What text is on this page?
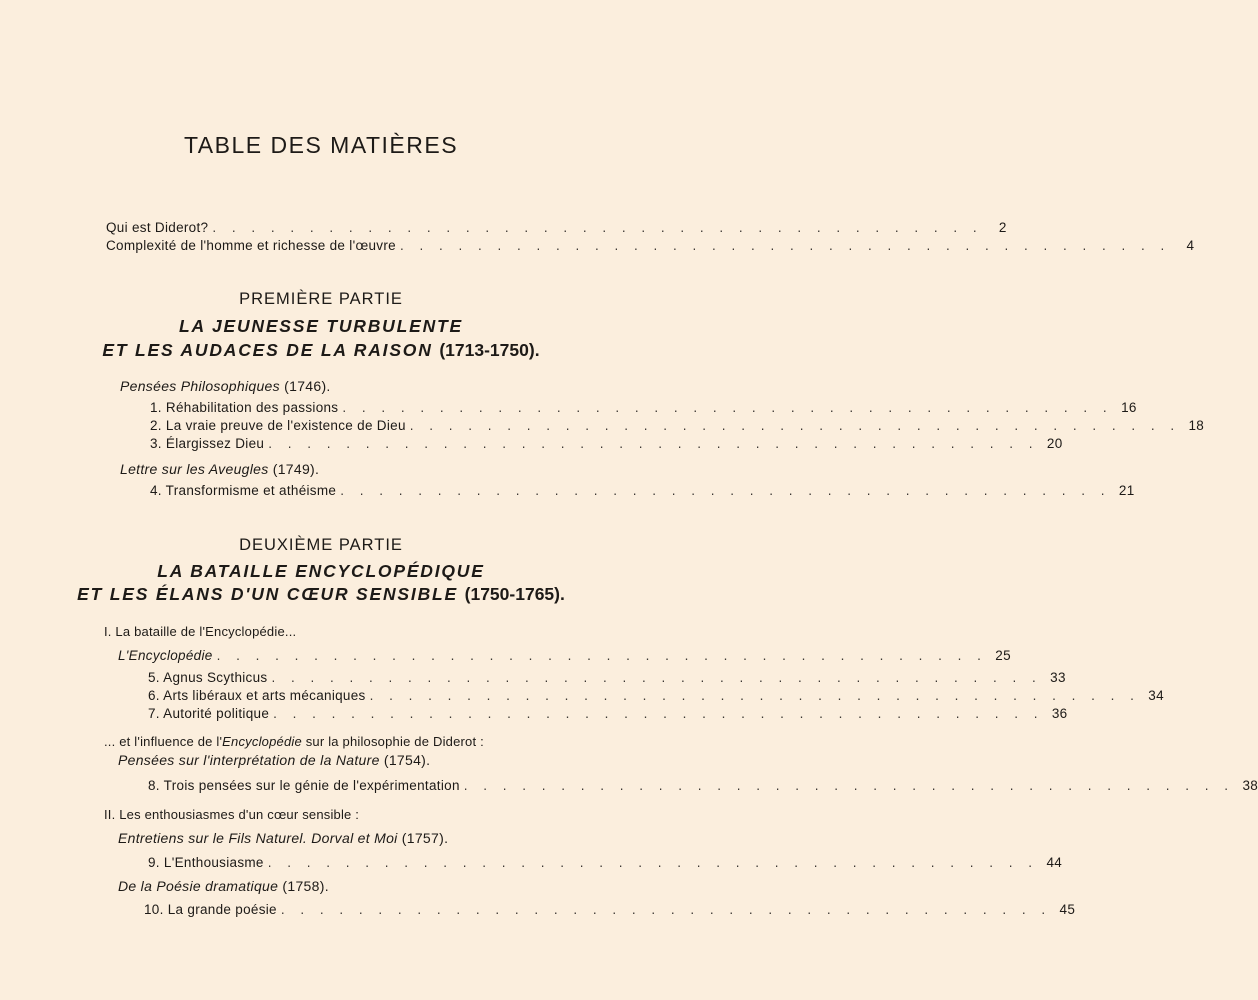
TABLE DES MATIÈRES
Qui est Diderot? . . . . . . . . . . . . . . . . . . . . . . . . . . . . . . . . . . . . . . . .	2
Complexité de l'homme et richesse de l'œuvre . . . . . . . . . . . . . . . . . . . . . . . . . . . . . . . . . . . . . . . .	4
PREMIÈRE PARTIE
LA JEUNESSE TURBULENTE
ET LES AUDACES DE LA RAISON (1713-1750).
Pensées Philosophiques (1746).
1. Réhabilitation des passions . . . . . . . . . . . . . . . . . . . . . . . . . . . . . . . . . . . . . . . . 16
2. La vraie preuve de l'existence de Dieu . . . . . . . . . . . . . . . . . . . . . . . . . . . . . . . . . . . . . . . . 18
3. Élargissez Dieu . . . . . . . . . . . . . . . . . . . . . . . . . . . . . . . . . . . . . . . . 20
Lettre sur les Aveugles (1749).
4. Transformisme et athéisme . . . . . . . . . . . . . . . . . . . . . . . . . . . . . . . . . . . . . . . . 21
DEUXIÈME PARTIE
LA BATAILLE ENCYCLOPÉDIQUE
ET LES ÉLANS D'UN CŒUR SENSIBLE (1750-1765).
I. La bataille de l'Encyclopédie...
L'Encyclopédie . . . . . . . . . . . . . . . . . . . . . . . . . . . . . . . . . . . . . . . . 25
5. Agnus Scythicus . . . . . . . . . . . . . . . . . . . . . . . . . . . . . . . . . . . . . . . . 33
6. Arts libéraux et arts mécaniques . . . . . . . . . . . . . . . . . . . . . . . . . . . . . . . . . . . . . . . . 34
7. Autorité politique . . . . . . . . . . . . . . . . . . . . . . . . . . . . . . . . . . . . . . . . 36
... et l'influence de l'Encyclopédie sur la philosophie de Diderot :
Pensées sur l'interprétation de la Nature (1754).
8. Trois pensées sur le génie de l'expérimentation . . . . . . . . . . . . . . . . . . . . . . . . . . . . . . . . . . . . . . . . 38
II. Les enthousiasmes d'un cœur sensible :
Entretiens sur le Fils Naturel. Dorval et Moi (1757).
9. L'Enthousiasme . . . . . . . . . . . . . . . . . . . . . . . . . . . . . . . . . . . . . . . . 44
De la Poésie dramatique (1758).
10. La grande poésie . . . . . . . . . . . . . . . . . . . . . . . . . . . . . . . . . . . . . . . . 45
